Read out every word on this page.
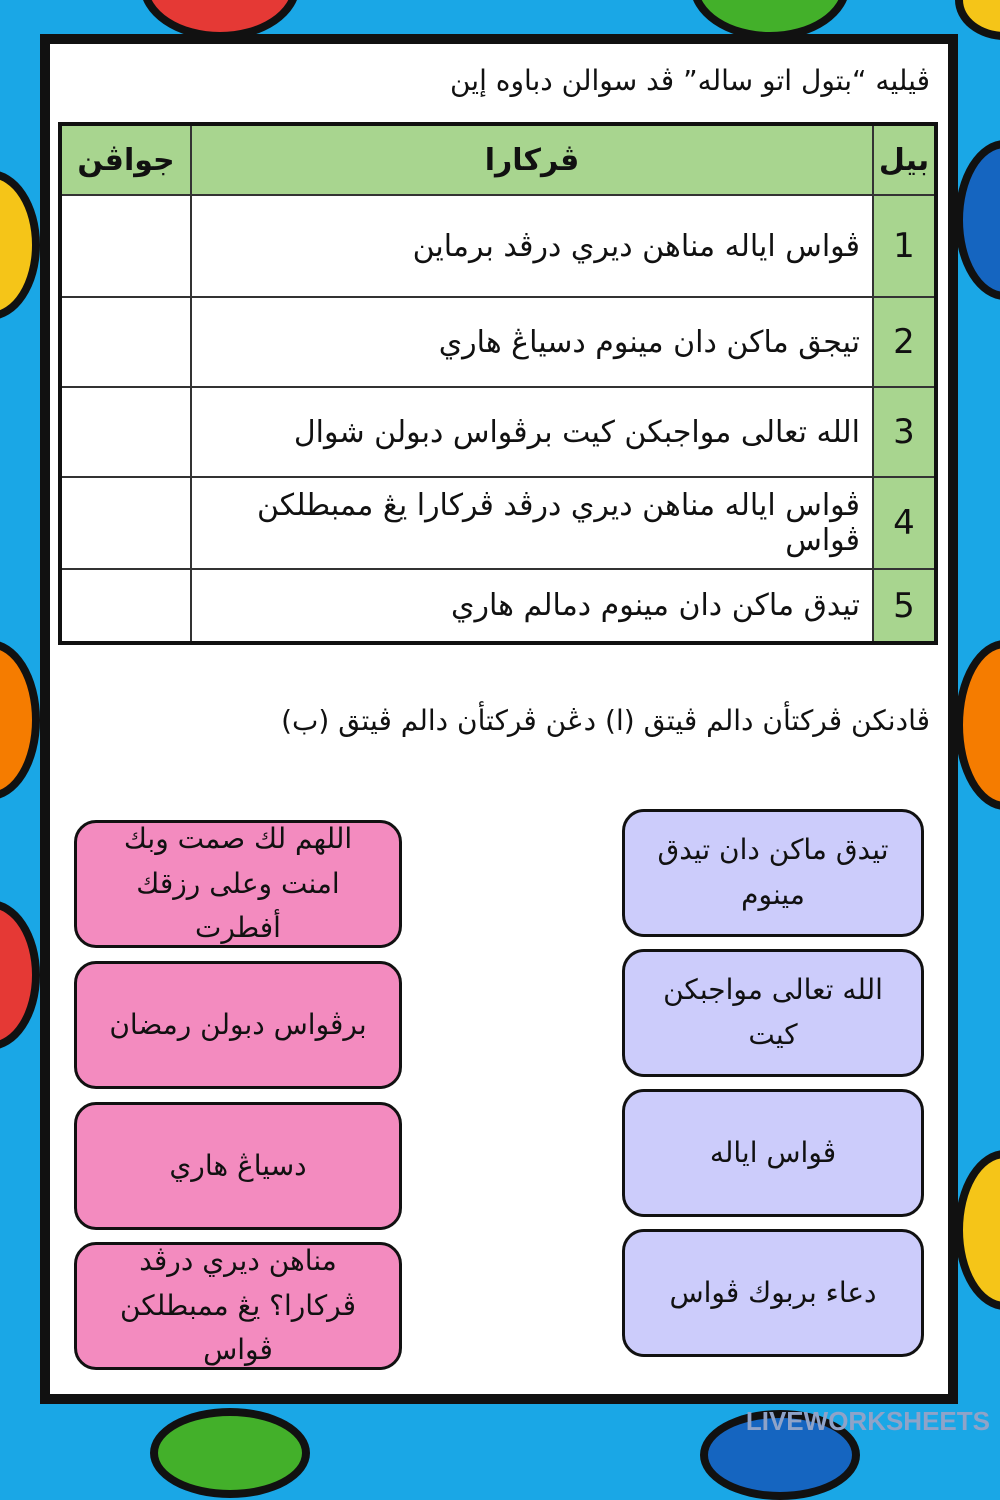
ڤيليه “بتول اتو ساله” ڤد سوالن دباوه إين
بيل	ڤركارا	جواڤن
1	ڤواس اياله مناهن ديري درڤد برماين	
2	تيجق ماكن دان مينوم دسياڠ هاري	
3	الله تعالى مواجبكن كيت برڤواس دبولن شوال	
4	ڤواس اياله مناهن ديري درڤد ڤركارا يڠ ممبطلكن ڤواس	
5	تيدق ماكن دان مينوم دمالم هاري	
ڤادنكن ڤركتأن دالم ڤيتق (ا) دڠن ڤركتأن دالم ڤيتق (ب)
تيدق ماكن دان تيدق مينوم
الله تعالى مواجبكن كيت
ڤواس اياله
دعاء بربوك ڤواس
اللهم لك صمت وبك امنت وعلى رزقك أفطرت
برڤواس دبولن رمضان
دسياڠ هاري
مناهن ديري درڤد ڤركارا؟ يڠ ممبطلكن ڤواس
LIVEWORKSHEETS
